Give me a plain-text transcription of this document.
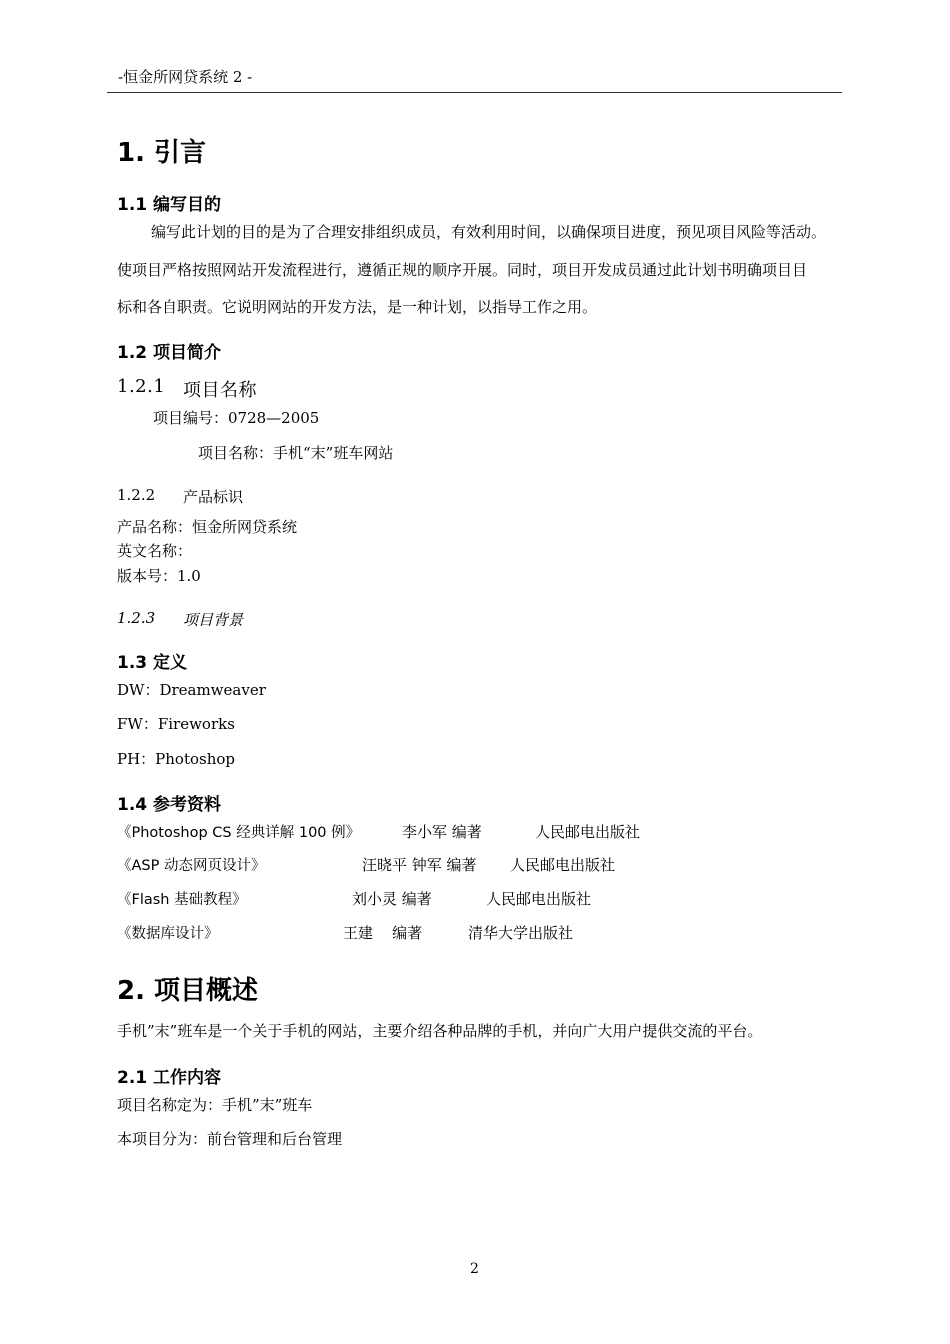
-恒金所网贷系统 2 -
1. 引言
1.1 编写目的
编写此计划的目的是为了合理安排组织成员，有效利用时间，以确保项目进度，预见项目风险等活动。
使项目严格按照网站开发流程进行，遵循正规的顺序开展。同时，项目开发成员通过此计划书明确项目目
标和各自职责。它说明网站的开发方法，是一种计划，以指导工作之用。
1.2 项目简介
1.2.1 项目名称
项目编号：0728—2005
项目名称：手机“末”班车网站
1.2.2 产品标识
产品名称：恒金所网贷系统
英文名称：
版本号：1.0
1.2.3 项目背景
1.3 定义
DW：Dreamweaver
FW：Fireworks
PH：Photoshop
1.4 参考资料
《Photoshop CS 经典详解 100 例》	李小军 编著	人民邮电出版社
《ASP 动态网页设计》	汪晓平 钟军 编著 人民邮电出版社
《Flash 基础教程》	刘小灵 编著	人民邮电出版社
《数据库设计》	王建    编著	清华大学出版社
2. 项目概述
手机”末”班车是一个关于手机的网站，主要介绍各种品牌的手机，并向广大用户提供交流的平台。
2.1 工作内容
项目名称定为：手机”末”班车
本项目分为：前台管理和后台管理
2
